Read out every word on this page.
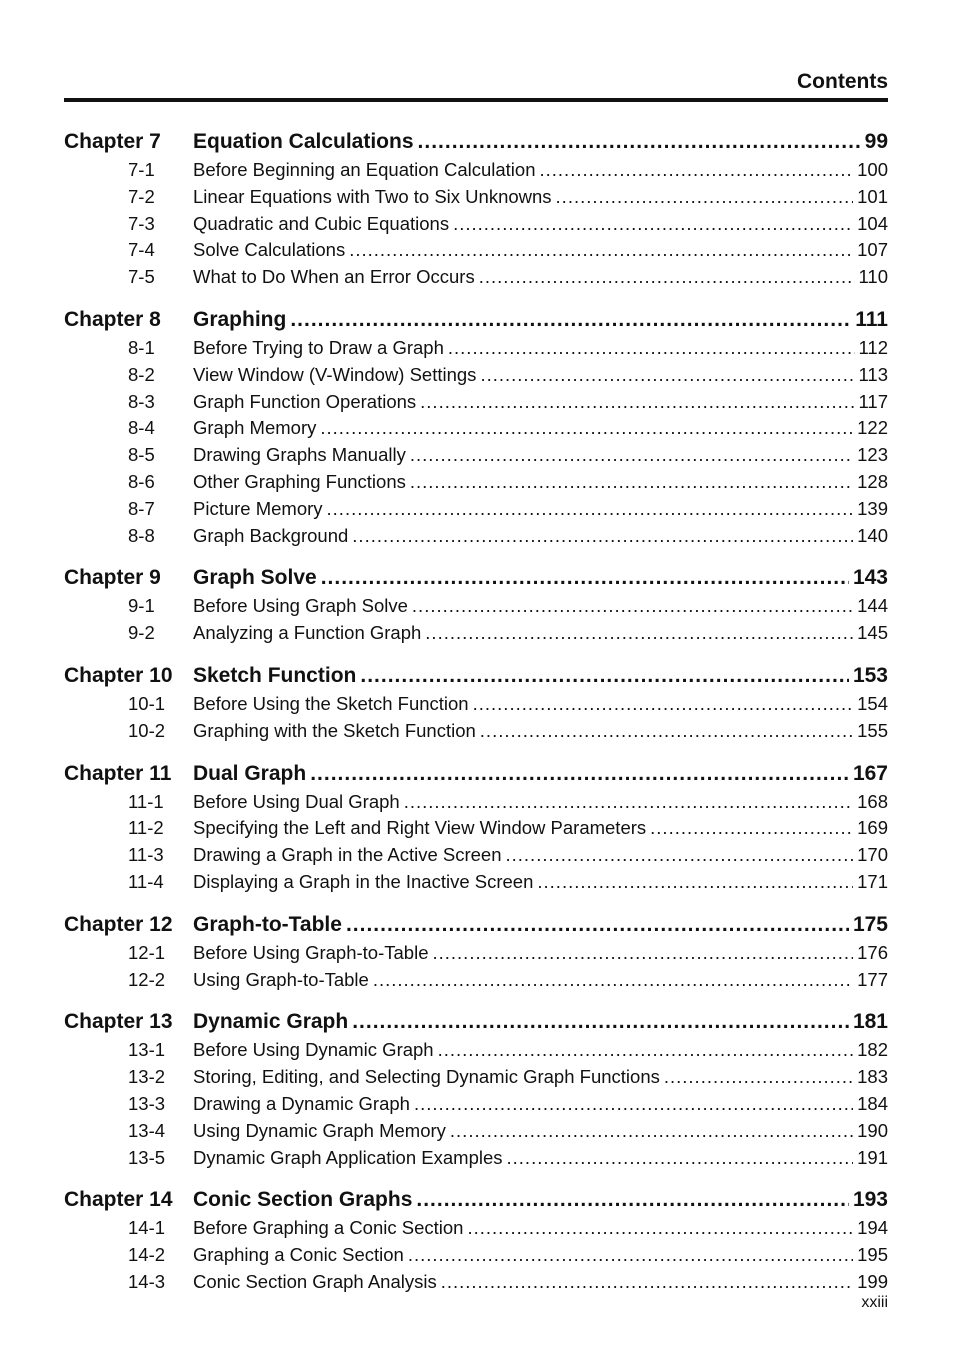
Contents
Chapter 7	Equation Calculations .....	99
7-1	Before Beginning an Equation Calculation .....	100
7-2	Linear Equations with Two to Six Unknowns .....	101
7-3	Quadratic and Cubic Equations .....	104
7-4	Solve Calculations .....	107
7-5	What to Do When an Error Occurs .....	110
Chapter 8	Graphing .....	111
8-1	Before Trying to Draw a Graph .....	112
8-2	View Window (V-Window) Settings .....	113
8-3	Graph Function Operations .....	117
8-4	Graph Memory .....	122
8-5	Drawing Graphs Manually .....	123
8-6	Other Graphing Functions .....	128
8-7	Picture Memory .....	139
8-8	Graph Background .....	140
Chapter 9	Graph Solve .....	143
9-1	Before Using Graph Solve .....	144
9-2	Analyzing a Function Graph .....	145
Chapter 10 Sketch Function .....	153
10-1	Before Using the Sketch Function .....	154
10-2	Graphing with the Sketch Function .....	155
Chapter 11	Dual Graph .....	167
11-1	Before Using Dual Graph .....	168
11-2	Specifying the Left and Right View Window Parameters .....	169
11-3	Drawing a Graph in the Active Screen .....	170
11-4	Displaying a Graph in the Inactive Screen .....	171
Chapter 12 Graph-to-Table .....	175
12-1	Before Using Graph-to-Table .....	176
12-2	Using Graph-to-Table .....	177
Chapter 13 Dynamic Graph .....	181
13-1	Before Using Dynamic Graph .....	182
13-2	Storing, Editing, and Selecting Dynamic Graph Functions .....	183
13-3	Drawing a Dynamic Graph .....	184
13-4	Using Dynamic Graph Memory .....	190
13-5	Dynamic Graph Application Examples .....	191
Chapter 14 Conic Section Graphs .....	193
14-1	Before Graphing a Conic Section .....	194
14-2	Graphing a Conic Section .....	195
14-3	Conic Section Graph Analysis .....	199
xxiii
